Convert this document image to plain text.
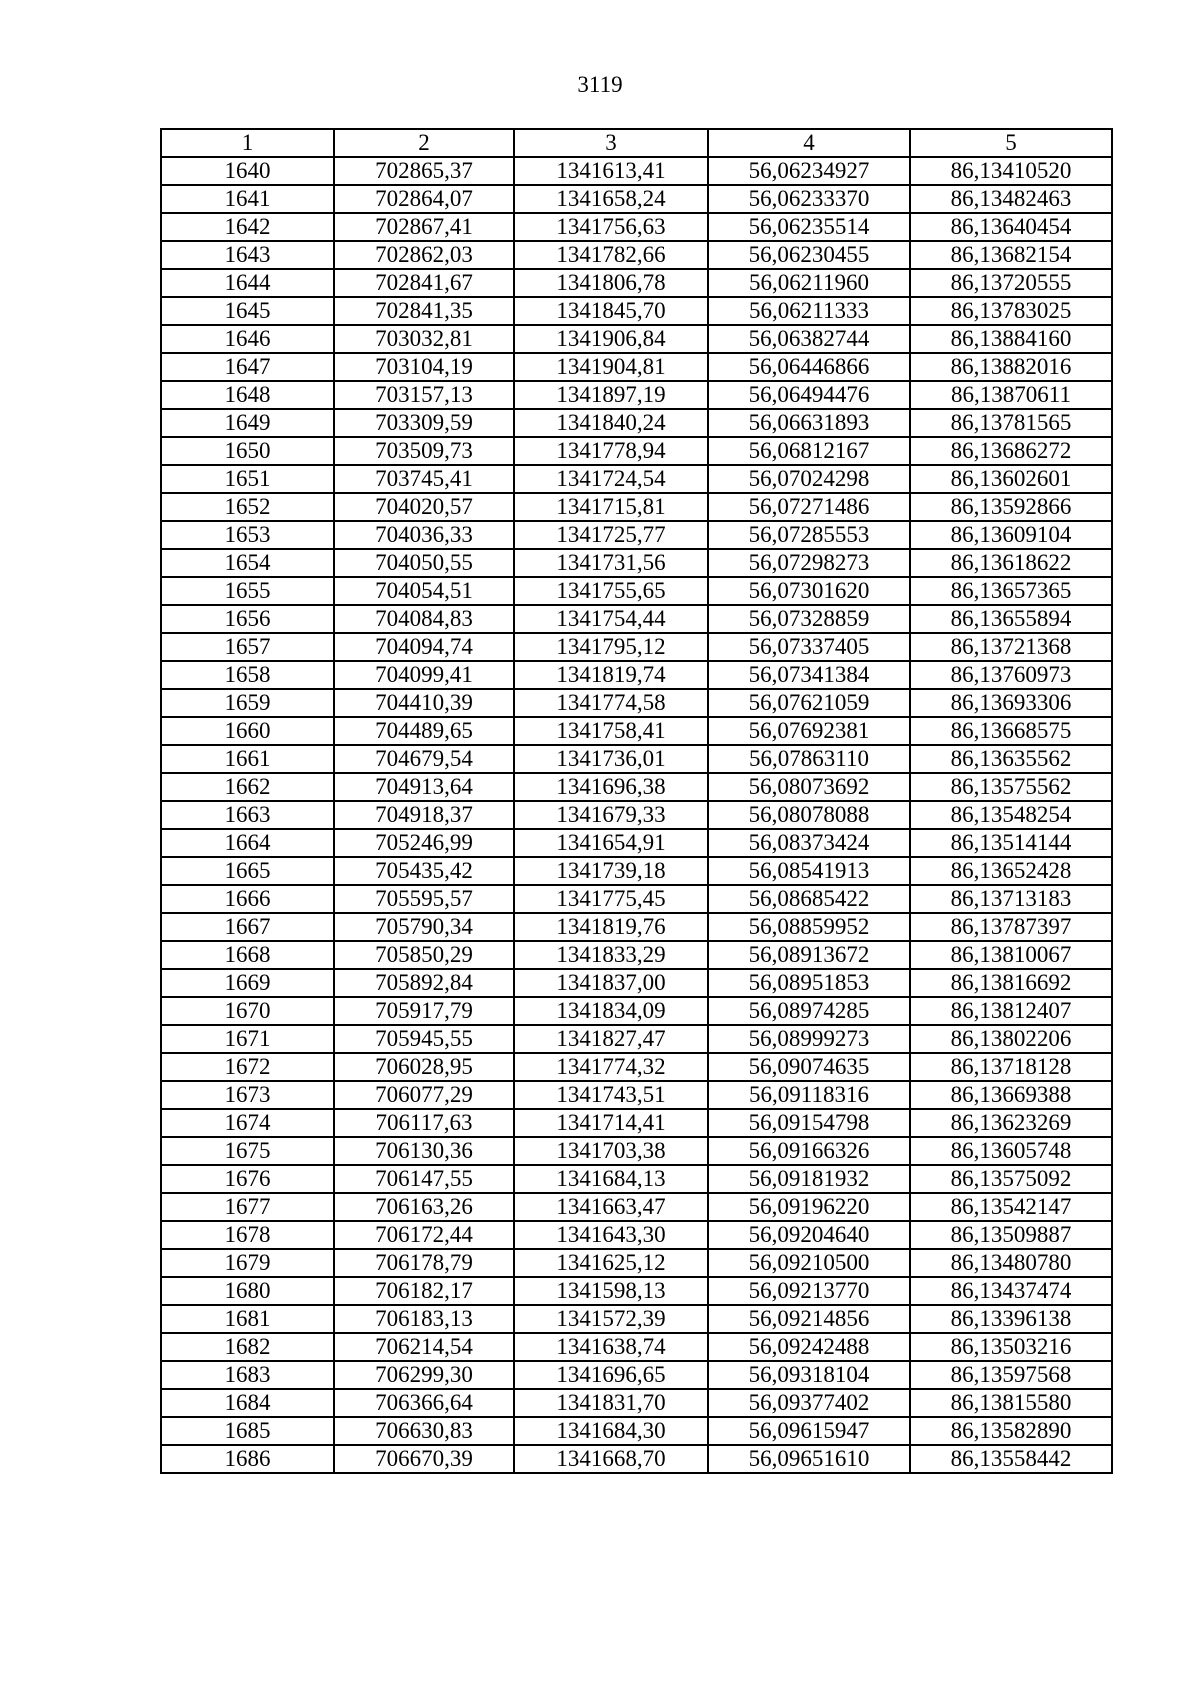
3119
1	2	3	4	5
1640	702865,37	1341613,41	56,06234927	86,13410520
1641	702864,07	1341658,24	56,06233370	86,13482463
1642	702867,41	1341756,63	56,06235514	86,13640454
1643	702862,03	1341782,66	56,06230455	86,13682154
1644	702841,67	1341806,78	56,06211960	86,13720555
1645	702841,35	1341845,70	56,06211333	86,13783025
1646	703032,81	1341906,84	56,06382744	86,13884160
1647	703104,19	1341904,81	56,06446866	86,13882016
1648	703157,13	1341897,19	56,06494476	86,13870611
1649	703309,59	1341840,24	56,06631893	86,13781565
1650	703509,73	1341778,94	56,06812167	86,13686272
1651	703745,41	1341724,54	56,07024298	86,13602601
1652	704020,57	1341715,81	56,07271486	86,13592866
1653	704036,33	1341725,77	56,07285553	86,13609104
1654	704050,55	1341731,56	56,07298273	86,13618622
1655	704054,51	1341755,65	56,07301620	86,13657365
1656	704084,83	1341754,44	56,07328859	86,13655894
1657	704094,74	1341795,12	56,07337405	86,13721368
1658	704099,41	1341819,74	56,07341384	86,13760973
1659	704410,39	1341774,58	56,07621059	86,13693306
1660	704489,65	1341758,41	56,07692381	86,13668575
1661	704679,54	1341736,01	56,07863110	86,13635562
1662	704913,64	1341696,38	56,08073692	86,13575562
1663	704918,37	1341679,33	56,08078088	86,13548254
1664	705246,99	1341654,91	56,08373424	86,13514144
1665	705435,42	1341739,18	56,08541913	86,13652428
1666	705595,57	1341775,45	56,08685422	86,13713183
1667	705790,34	1341819,76	56,08859952	86,13787397
1668	705850,29	1341833,29	56,08913672	86,13810067
1669	705892,84	1341837,00	56,08951853	86,13816692
1670	705917,79	1341834,09	56,08974285	86,13812407
1671	705945,55	1341827,47	56,08999273	86,13802206
1672	706028,95	1341774,32	56,09074635	86,13718128
1673	706077,29	1341743,51	56,09118316	86,13669388
1674	706117,63	1341714,41	56,09154798	86,13623269
1675	706130,36	1341703,38	56,09166326	86,13605748
1676	706147,55	1341684,13	56,09181932	86,13575092
1677	706163,26	1341663,47	56,09196220	86,13542147
1678	706172,44	1341643,30	56,09204640	86,13509887
1679	706178,79	1341625,12	56,09210500	86,13480780
1680	706182,17	1341598,13	56,09213770	86,13437474
1681	706183,13	1341572,39	56,09214856	86,13396138
1682	706214,54	1341638,74	56,09242488	86,13503216
1683	706299,30	1341696,65	56,09318104	86,13597568
1684	706366,64	1341831,70	56,09377402	86,13815580
1685	706630,83	1341684,30	56,09615947	86,13582890
1686	706670,39	1341668,70	56,09651610	86,13558442
